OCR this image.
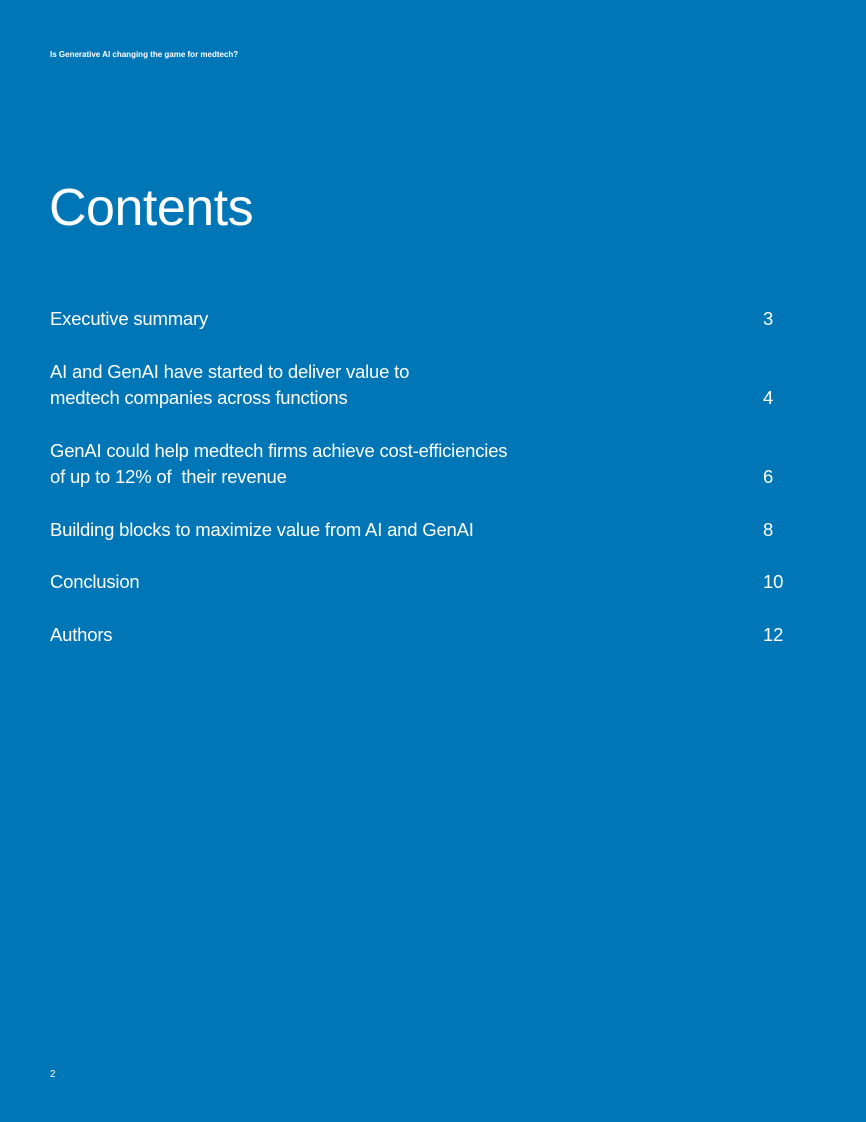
Is Generative AI changing the game for medtech?
Contents
Executive summary	3
AI and GenAI have started to deliver value to
medtech companies across functions	4
GenAI could help medtech firms achieve cost-efficiencies
of up to 12% of  their revenue	6
Building blocks to maximize value from AI and GenAI	8
Conclusion	10
Authors	12
2
